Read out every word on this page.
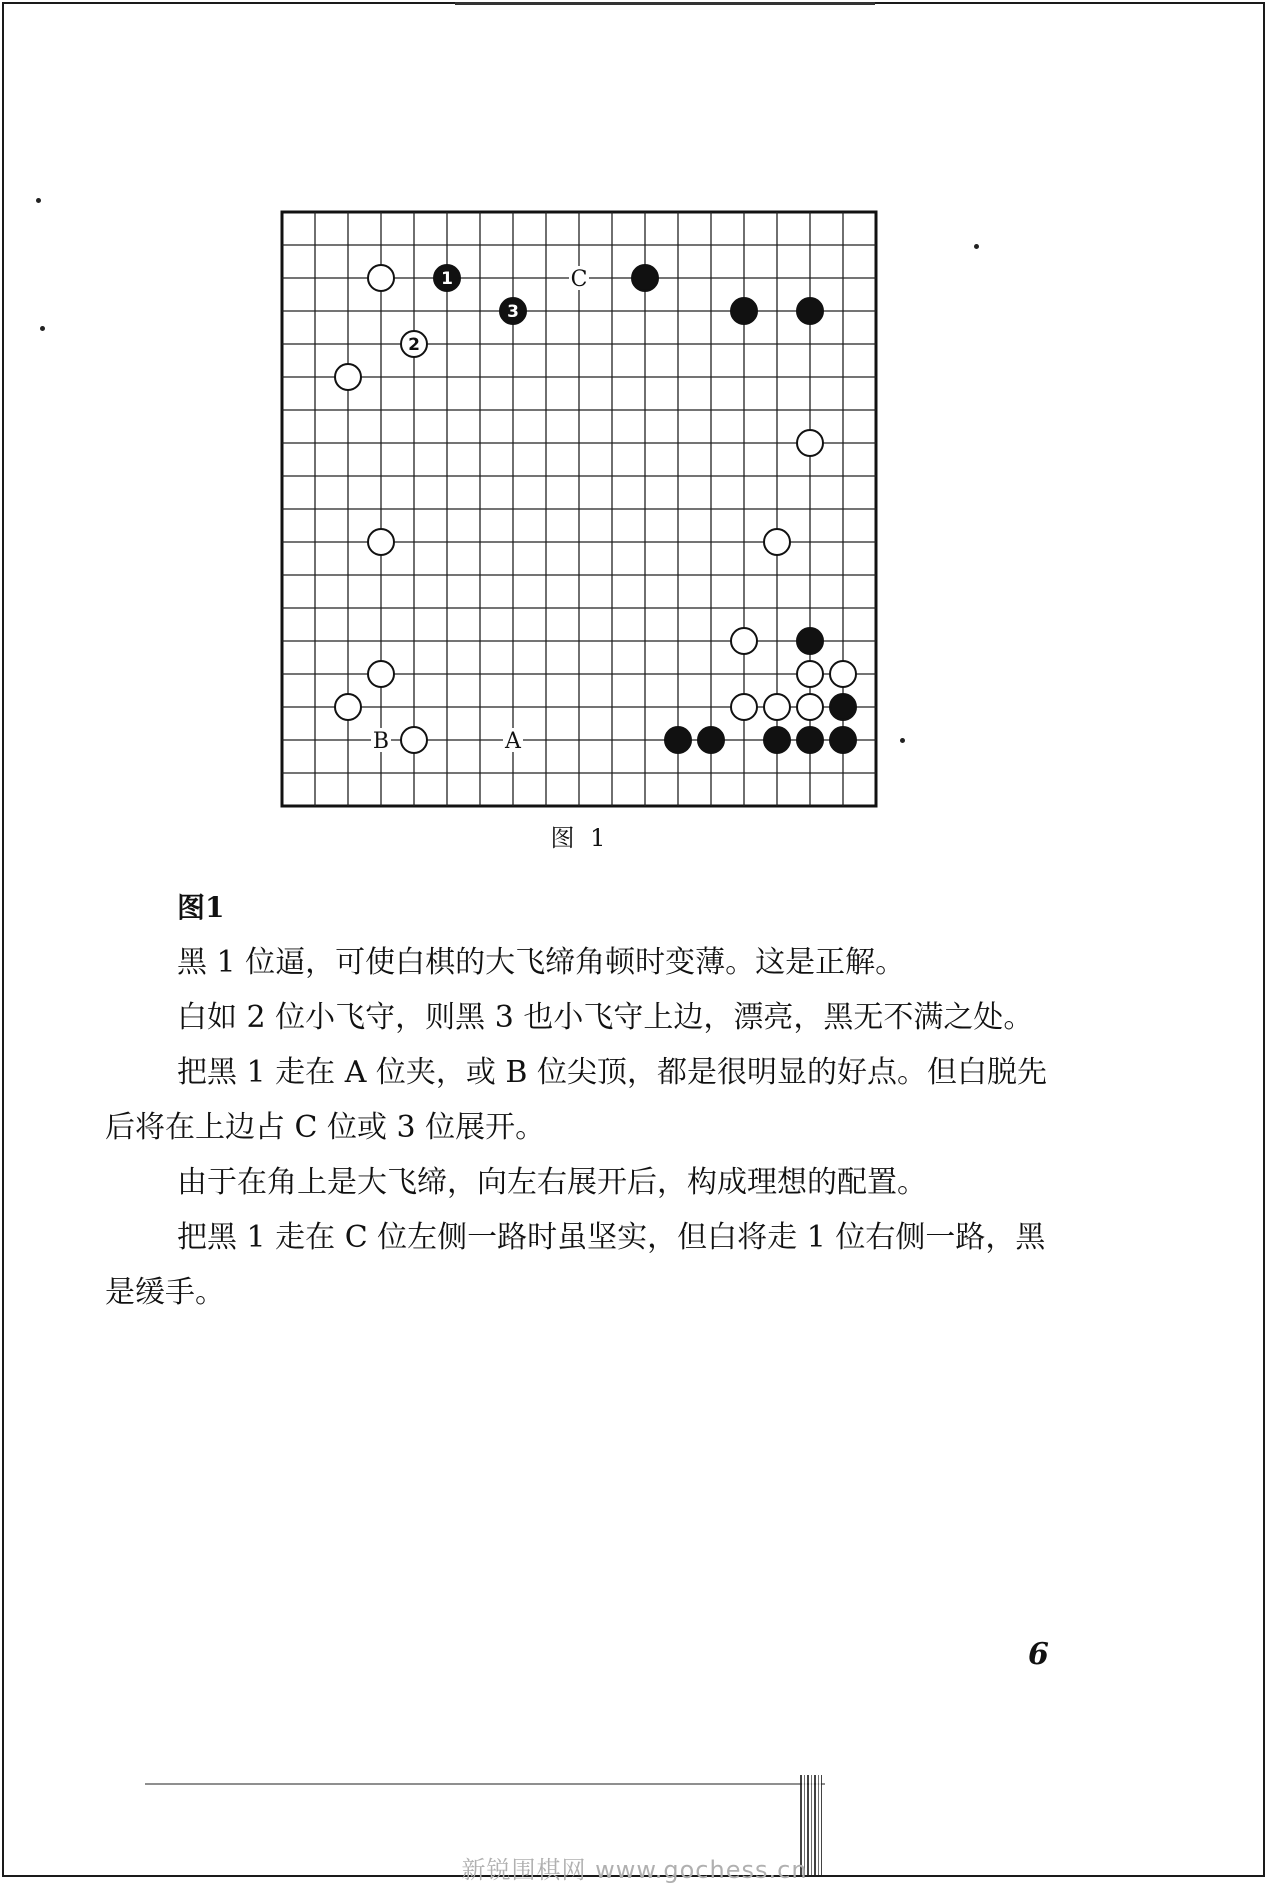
C
B	A
1
3
2
图 1
图1

黑 1 位逼，可使白棋的大飞缔角顿时变薄。这是正解。

白如 2 位小飞守，则黑 3 也小飞守上边，漂亮，黑无不满之处。

把黑 1 走在 A 位夹，或 B 位尖顶，都是很明显的好点。但白脱先后将在上边占 C 位或 3 位展开。

由于在角上是大飞缔，向左右展开后，构成理想的配置。

把黑 1 走在 C 位左侧一路时虽坚实，但白将走 1 位右侧一路，黑是缓手。

6
新锐围棋网 www.gochess.cn
